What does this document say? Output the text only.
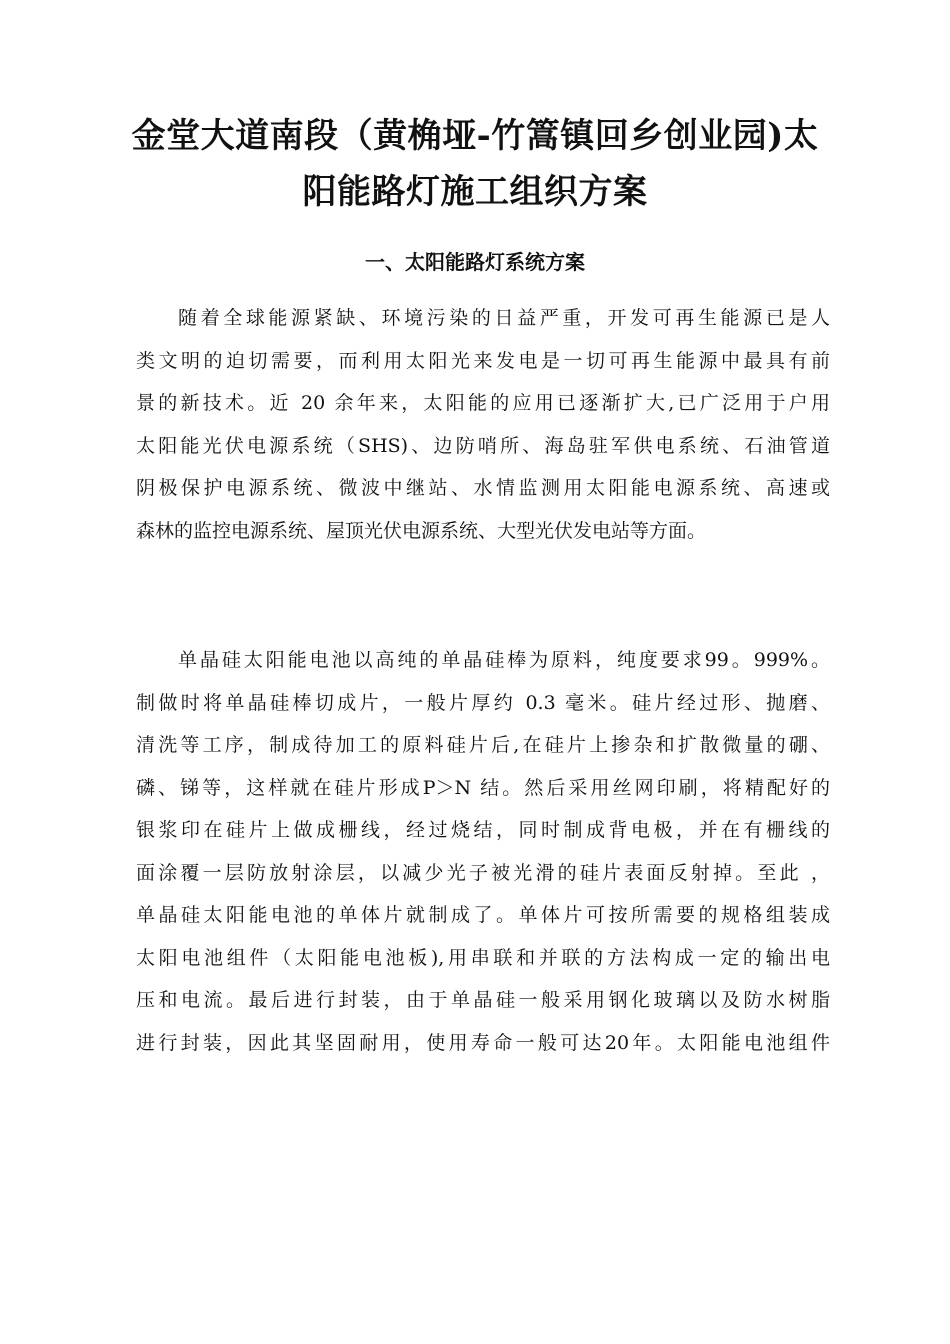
金堂大道南段（黄桷垭-竹篙镇回乡创业园)太
阳能路灯施工组织方案
一、太阳能路灯系统方案

随着全球能源紧缺、环境污染的日益严重，开发可再生能源已是人
类文明的迫切需要，而利用太阳光来发电是一切可再生能源中最具有前
景的新技术。近 20 余年来，太阳能的应用已逐渐扩大,已广泛用于户用
太阳能光伏电源系统（SHS)、边防哨所、海岛驻军供电系统、石油管道
阴极保护电源系统、微波中继站、水情监测用太阳能电源系统、高速或
森林的监控电源系统、屋顶光伏电源系统、大型光伏发电站等方面。

单晶硅太阳能电池以高纯的单晶硅棒为原料，纯度要求99。999%。
制做时将单晶硅棒切成片，一般片厚约 0.3 毫米。硅片经过形、抛磨、
清洗等工序，制成待加工的原料硅片后,在硅片上掺杂和扩散微量的硼、
磷、锑等，这样就在硅片形成P＞N 结。然后采用丝网印刷，将精配好的
银浆印在硅片上做成栅线，经过烧结，同时制成背电极，并在有栅线的
面涂覆一层防放射涂层，以减少光子被光滑的硅片表面反射掉。至此 ，
单晶硅太阳能电池的单体片就制成了。单体片可按所需要的规格组装成
太阳电池组件（太阳能电池板),用串联和并联的方法构成一定的输出电
压和电流。最后进行封装，由于单晶硅一般采用钢化玻璃以及防水树脂
进行封装，因此其坚固耐用，使用寿命一般可达20年。太阳能电池组件
